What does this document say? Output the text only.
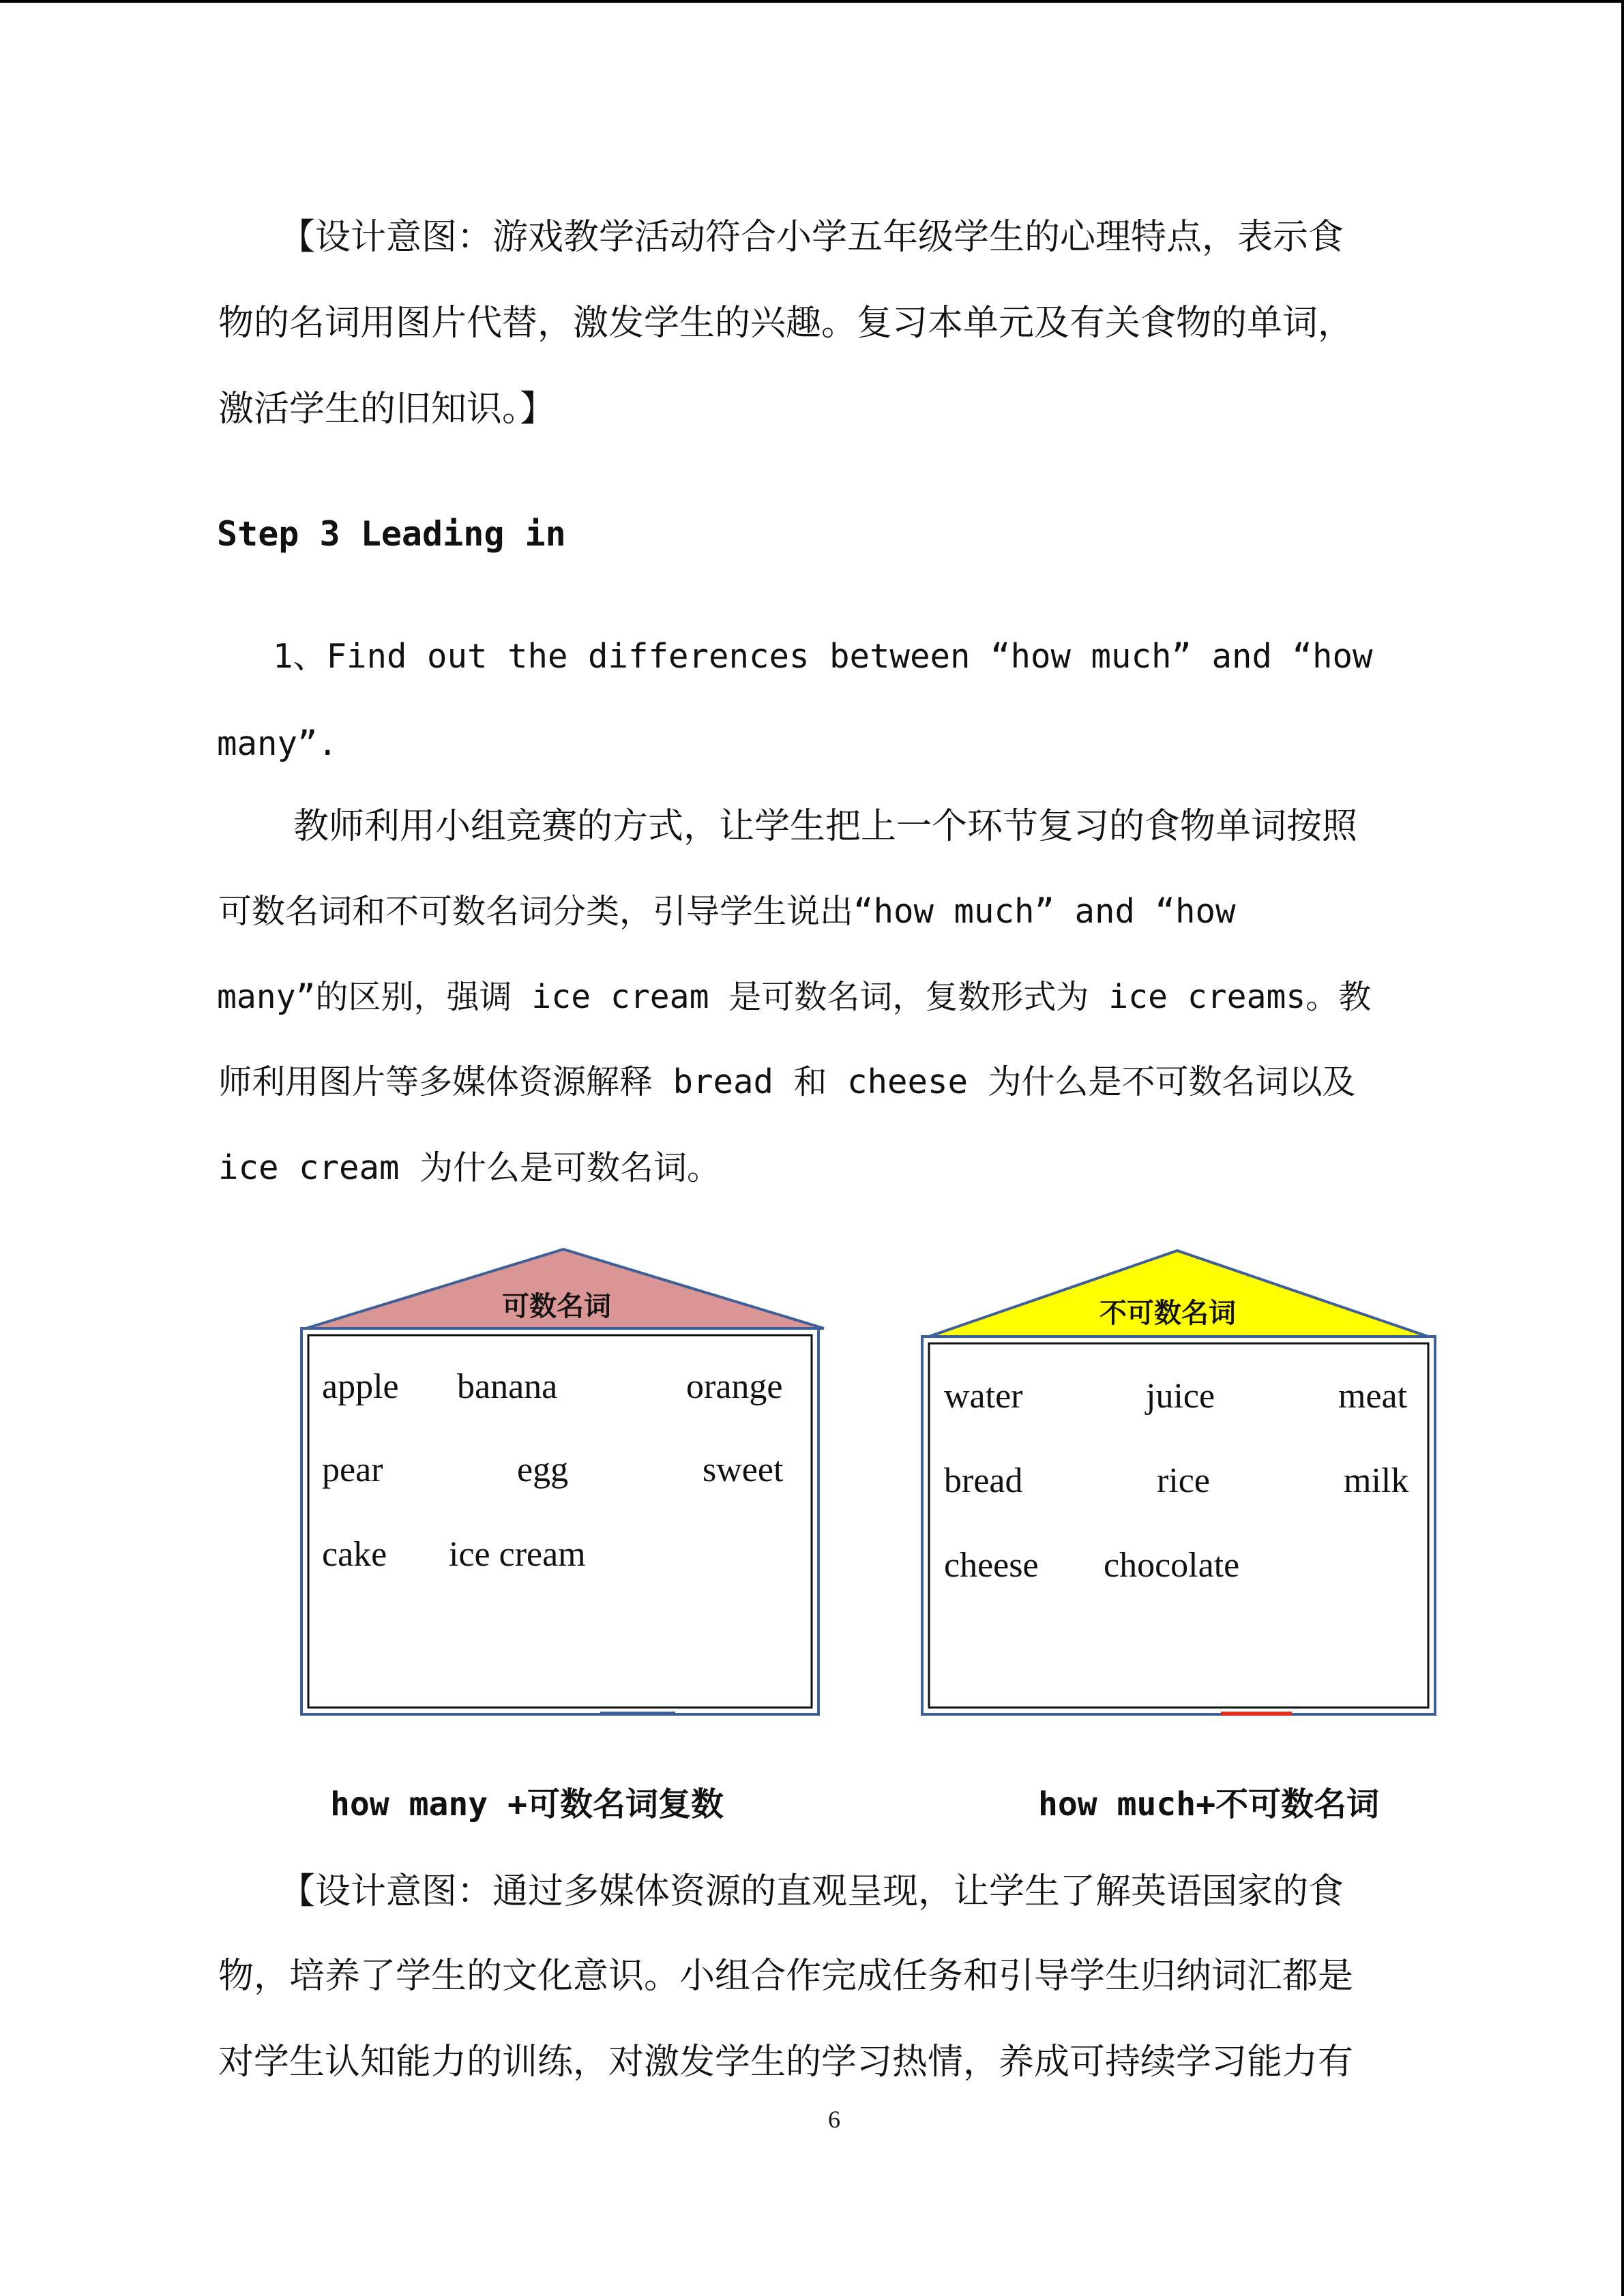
【设计意图：游戏教学活动符合小学五年级学生的心理特点，表示食
物的名词用图片代替，激发学生的兴趣。复习本单元及有关食物的单词，
激活学生的旧知识。】
Step 3 Leading in
1、Find out the differences between “how much” and “how
many”.
教师利用小组竞赛的方式，让学生把上一个环节复习的食物单词按照
可数名词和不可数名词分类，引导学生说出“how much” and “how
many”的区别，强调 ice cream 是可数名词，复数形式为 ice creams。教
师利用图片等多媒体资源解释 bread 和 cheese 为什么是不可数名词以及
ice cream 为什么是可数名词。
可数名词
apple banana	orange
pear	egg	sweet
cake ice cream
不可数名词
water	juice	meat
bread	rice	milk
cheese chocolate
how many +可数名词复数	how much+不可数名词
【设计意图：通过多媒体资源的直观呈现，让学生了解英语国家的食
物，培养了学生的文化意识。小组合作完成任务和引导学生归纳词汇都是
对学生认知能力的训练，对激发学生的学习热情，养成可持续学习能力有
6
